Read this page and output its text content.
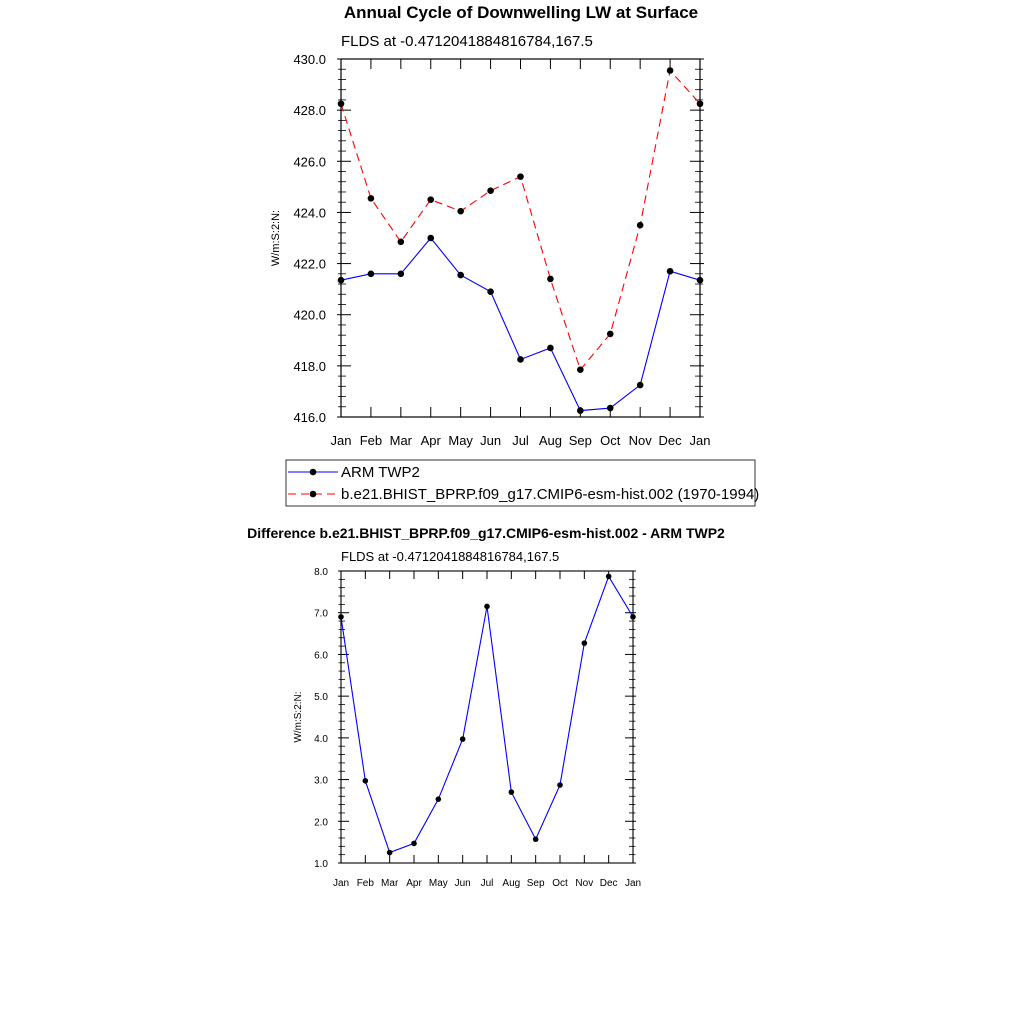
Annual Cycle of Downwelling LW at Surface
FLDS at -0.4712041884816784,167.5
W/m:S:2:N:
416.0
418.0
420.0
422.0
424.0
426.0
428.0
430.0
Jan Feb Mar Apr May Jun Jul Aug Sep Oct Nov Dec Jan
ARM TWP2
b.e21.BHIST_BPRP.f09_g17.CMIP6-esm-hist.002 (1970-1994)
Difference b.e21.BHIST_BPRP.f09_g17.CMIP6-esm-hist.002 - ARM TWP2
FLDS at -0.4712041884816784,167.5
W/m:S:2:N:
1.0
2.0
3.0
4.0
5.0
6.0
7.0
8.0
Jan Feb Mar Apr May Jun Jul Aug Sep Oct Nov Dec Jan
